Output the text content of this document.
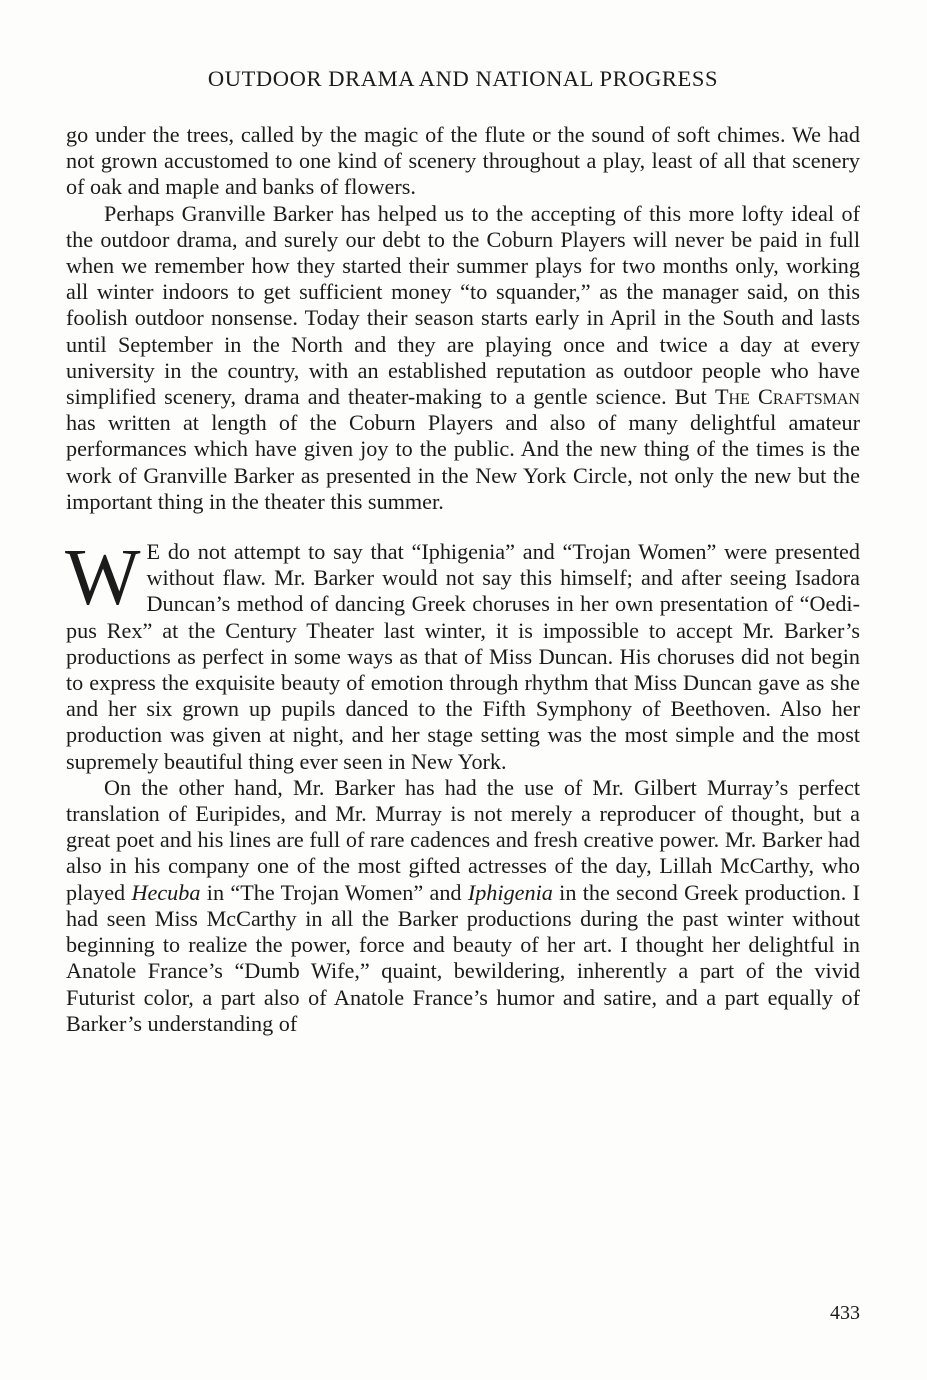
OUTDOOR DRAMA AND NATIONAL PROGRESS

go under the trees, called by the magic of the flute or the sound of soft chimes. We had not grown accustomed to one kind of scenery throughout a play, least of all that scenery of oak and maple and banks of flowers.

Perhaps Granville Barker has helped us to the accepting of this more lofty ideal of the outdoor drama, and surely our debt to the Coburn Players will never be paid in full when we remember how they started their summer plays for two months only, working all winter indoors to get sufficient money “to squander,” as the manager said, on this foolish outdoor nonsense. Today their season starts early in April in the South and lasts until September in the North and they are playing once and twice a day at every university in the country, with an established reputation as outdoor people who have simplified scenery, drama and theater-making to a gentle science. But The Craftsman has written at length of the Coburn Players and also of many delightful amateur performances which have given joy to the public. And the new thing of the times is the work of Granville Barker as presented in the New York Circle, not only the new but the important thing in the theater this summer.

W E do not attempt to say that “Iphigenia” and “Trojan Women” were presented without flaw. Mr. Barker would not say this himself; and after seeing Isadora Duncan’s method of dancing Greek choruses in her own presentation of “Oedipus Rex” at the Century Theater last winter, it is impossible to accept Mr. Barker’s productions as perfect in some ways as that of Miss Duncan. His choruses did not begin to express the exquisite beauty of emotion through rhythm that Miss Duncan gave as she and her six grown up pupils danced to the Fifth Symphony of Beethoven. Also her production was given at night, and her stage setting was the most simple and the most supremely beautiful thing ever seen in New York.

On the other hand, Mr. Barker has had the use of Mr. Gilbert Murray’s perfect translation of Euripides, and Mr. Murray is not merely a reproducer of thought, but a great poet and his lines are full of rare cadences and fresh creative power. Mr. Barker had also in his company one of the most gifted actresses of the day, Lillah McCarthy, who played Hecuba in “The Trojan Women” and Iphigenia in the second Greek production. I had seen Miss McCarthy in all the Barker productions during the past winter without beginning to realize the power, force and beauty of her art. I thought her delightful in Anatole France’s “Dumb Wife,” quaint, bewildering, inherently a part of the vivid Futurist color, a part also of Anatole France’s humor and satire, and a part equally of Barker’s understanding of

433
